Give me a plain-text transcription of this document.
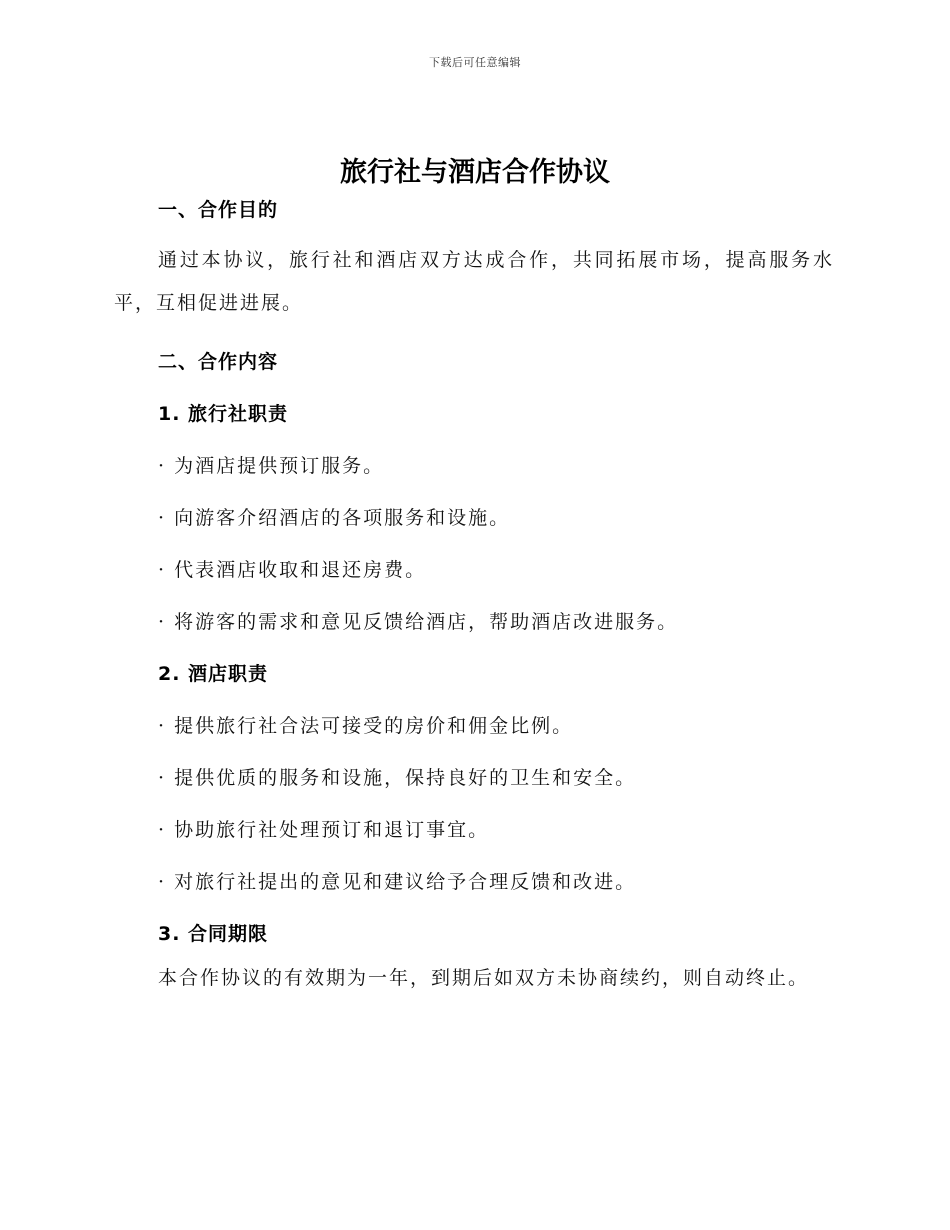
下载后可任意编辑
旅行社与酒店合作协议
一、合作目的

通过本协议，旅行社和酒店双方达成合作，共同拓展市场，提高服务水平，互相促进进展。

二、合作内容
1. 旅行社职责
· 为酒店提供预订服务。
· 向游客介绍酒店的各项服务和设施。
· 代表酒店收取和退还房费。
· 将游客的需求和意见反馈给酒店，帮助酒店改进服务。
2. 酒店职责
· 提供旅行社合法可接受的房价和佣金比例。
· 提供优质的服务和设施，保持良好的卫生和安全。
· 协助旅行社处理预订和退订事宜。
· 对旅行社提出的意见和建议给予合理反馈和改进。
3. 合同期限

本合作协议的有效期为一年，到期后如双方未协商续约，则自动终止。
